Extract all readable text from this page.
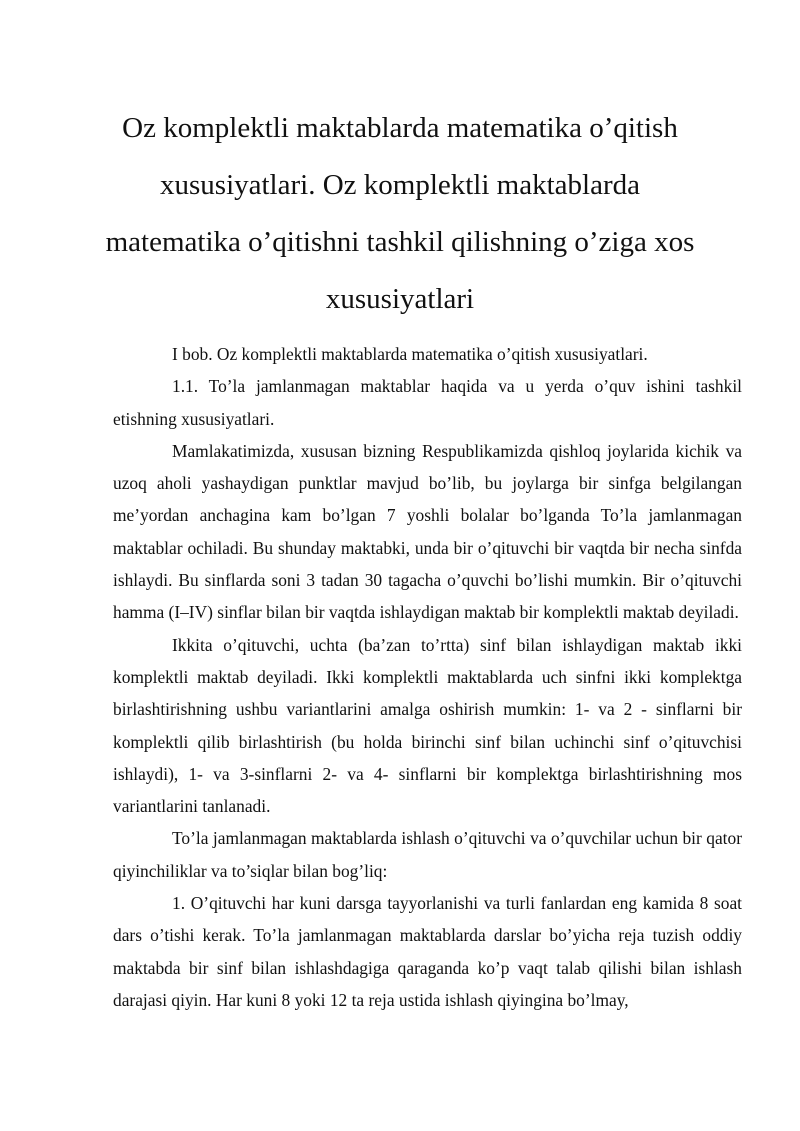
Oz komplektli maktablarda matematika o’qitish xususiyatlari. Oz komplektli maktablarda matematika o’qitishni tashkil qilishning o’ziga xos xususiyatlari

I bob. Oz komplektli maktablarda matematika o’qitish xususiyatlari.

1.1. To’la jamlanmagan maktablar haqida va u yerda o’quv ishini tashkil etishning xususiyatlari.

Mamlakatimizda, xususan bizning Respublikamizda qishloq joylarida kichik va uzoq aholi yashaydigan punktlar mavjud bo’lib, bu joylarga bir sinfga belgilangan me’yordan anchagina kam bo’lgan 7 yoshli bolalar bo’lganda To’la jamlanmagan maktablar ochiladi. Bu shunday maktabki, unda bir o’qituvchi bir vaqtda bir necha sinfda ishlaydi. Bu sinflarda soni 3 tadan 30 tagacha o’quvchi bo’lishi mumkin. Bir o’qituvchi hamma (I–IV) sinflar bilan bir vaqtda ishlaydigan maktab bir komplektli maktab deyiladi.

Ikkita o’qituvchi, uchta (ba’zan to’rtta) sinf bilan ishlaydigan maktab ikki komplektli maktab deyiladi. Ikki komplektli maktablarda uch sinfni ikki komplektga birlashtirishning ushbu variantlarini amalga oshirish mumkin: 1- va 2 - sinflarni bir komplektli qilib birlashtirish (bu holda birinchi sinf bilan uchinchi sinf o’qituvchisi ishlaydi), 1- va 3-sinflarni 2- va 4- sinflarni bir komplektga birlashtirishning mos variantlarini tanlanadi.

To’la jamlanmagan maktablarda ishlash o’qituvchi va o’quvchilar uchun bir qator qiyinchiliklar va to’siqlar bilan bog’liq:

1. O’qituvchi har kuni darsga tayyorlanishi va turli fanlardan eng kamida 8 soat dars o’tishi kerak. To’la jamlanmagan maktablarda darslar bo’yicha reja tuzish oddiy maktabda bir sinf bilan ishlashdagiga qaraganda ko’p vaqt talab qilishi bilan ishlash darajasi qiyin. Har kuni 8 yoki 12 ta reja ustida ishlash qiyingina bo’lmay,
